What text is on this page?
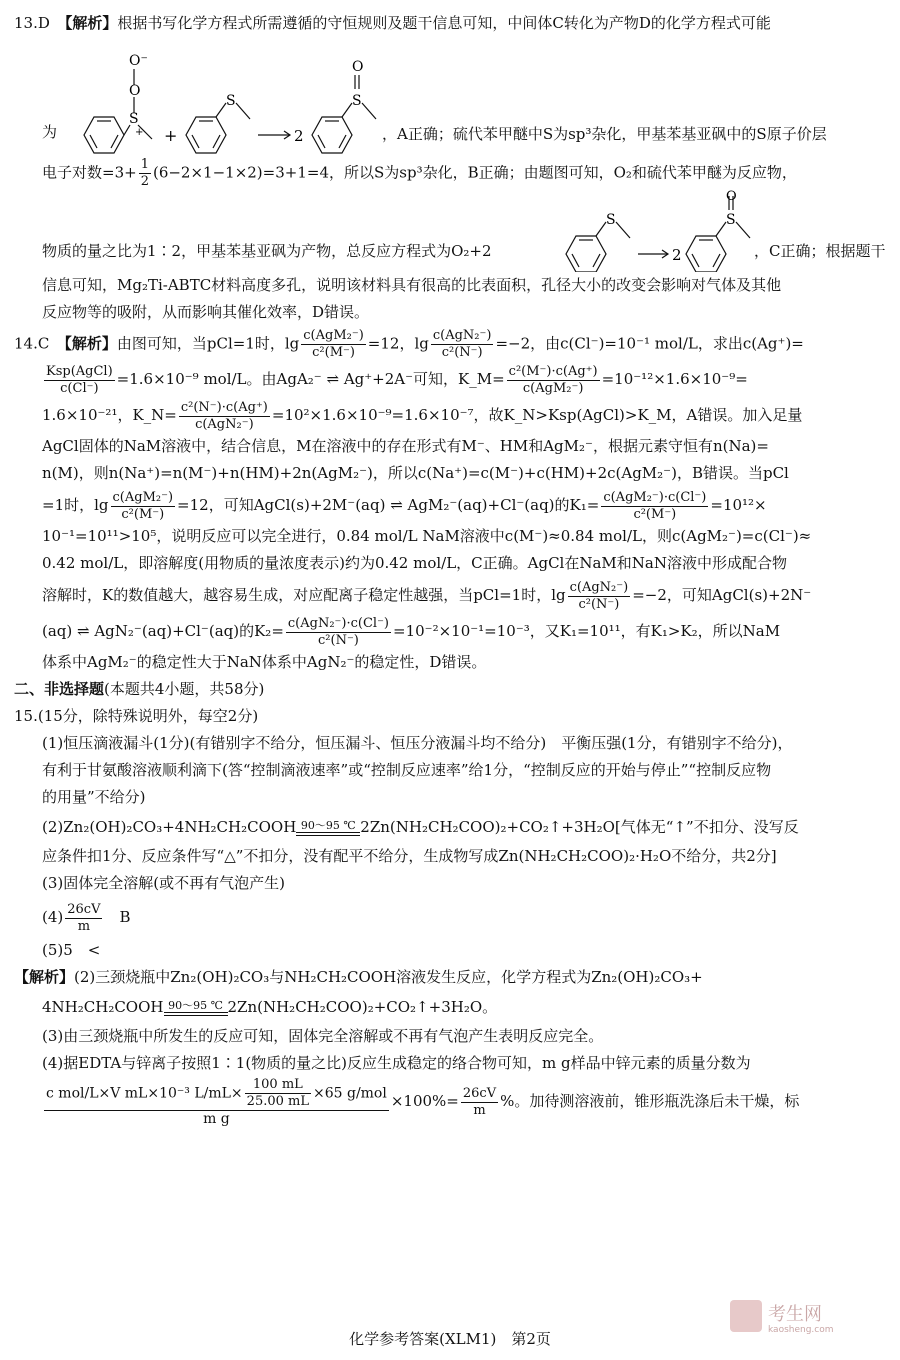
13.D　 【解析】根据书写化学方程式所需遵循的守恒规则及题干信息可知，中间体C转化为产物D的化学方程式可能

为
S
+
O
O⁻
+
S
2
S
O
，A正确；硫代苯甲醚中S为sp³杂化，甲基苯基亚砜中的S原子价层

电子对数$=3+ \frac{1}{2} (6-2\times 1-1\times 2)=3+1=4$，所以S为sp³杂化，B正确；由题图可知，O₂和硫代苯甲醚为反应物，

物质的量之比为1∶2，甲基苯基亚砜为产物，总反应方程式为O₂+2
S
2
S
O
，C正确；根据题干

信息可知，Mg₂Ti-ABTC材料高度多孔，说明该材料具有很高的比表面积，孔径大小的改变会影响对气体及其他

反应物等的吸附，从而影响其催化效率，D错误。

14.C　 【解析】由图可知，当pCl=1时，$\lg \frac{\text{c(AgM₂⁻)}}{\text{c²(M⁻)}} =12$，$\lg \frac{\text{c(AgN₂⁻)}}{\text{c²(N⁻)}} =-2$，由c(Cl⁻)=10⁻¹ mol/L，求出c(Ag⁺)=

$\frac{\text{Ksp(AgCl)}}{c(Cl^-)} =1.6\times 10^{-9}$ mol/L。由AgA₂⁻ ⇌ Ag⁺+2A⁻可知，K_M= $\frac{\text{c²(M⁻)·c(Ag⁺)}}{\text{c(AgM₂⁻)}} =10^{-12}\times 1.6\times 10^{-9}=$

1.6×10⁻²¹，K_N= $\frac{\text{c²(N⁻)·c(Ag⁺)}}{\text{c(AgN₂⁻)}} =10^2\times 1.6\times 10^{-9}=1.6\times 10^{-7}$，故K_N>Ksp(AgCl)>K_M，A错误。加入足量

AgCl固体的NaM溶液中，结合信息，M在溶液中的存在形式有M⁻、HM和AgM₂⁻，根据元素守恒有n(Na)=

n(M)，则n(Na⁺)=n(M⁻)+n(HM)+2n(AgM₂⁻)，所以c(Na⁺)=c(M⁻)+c(HM)+2c(AgM₂⁻)，B错误。当pCl

=1时，$\lg \frac{\text{c(AgM₂⁻)}}{\text{c²(M⁻)}} =12$，可知AgCl(s)+2M⁻(aq) ⇌ AgM₂⁻(aq)+Cl⁻(aq)的$K_1= \frac{\text{c(AgM₂⁻)·c(Cl⁻)}}{\text{c²(M⁻)}} =10^{12}\times$

10⁻¹=10¹¹>10⁵，说明反应可以完全进行，0.84 mol/L NaM溶液中c(M⁻)≈0.84 mol/L，则c(AgM₂⁻)=c(Cl⁻)≈

0.42 mol/L，即溶解度(用物质的量浓度表示)约为0.42 mol/L，C正确。AgCl在NaM和NaN溶液中形成配合物

溶解时，K的数值越大，越容易生成，对应配离子稳定性越强，当pCl=1时，$\lg \frac{\text{c(AgN₂⁻)}}{\text{c²(N⁻)}} =-2$，可知AgCl(s)+2N⁻

(aq) ⇌ AgN₂⁻(aq)+Cl⁻(aq)的$K_2= \frac{\text{c(AgN₂⁻)·c(Cl⁻)}}{\text{c²(N⁻)}} =10^{-2}\times 10^{-1}=10^{-3}$，又K₁=10¹¹，有K₁>K₂，所以NaM

体系中AgM₂⁻的稳定性大于NaN体系中AgN₂⁻的稳定性，D错误。

二、非选择题(本题共4小题，共58分)

15.(15分，除特殊说明外，每空2分)

(1)恒压滴液漏斗(1分)(有错别字不给分，恒压漏斗、恒压分液漏斗均不给分)　平衡压强(1分，有错别字不给分)，

有利于甘氨酸溶液顺利滴下(答“控制滴液速率”或“控制反应速率”给1分，“控制反应的开始与停止”“控制反应物

的用量”不给分)

(2)Zn₂(OH)₂CO₃+4NH₂CH₂COOH 90～95 ℃ 2Zn(NH₂CH₂COO)₂+CO₂↑+3H₂O[气体无“↑”不扣分、没写反

应条件扣1分、反应条件写“△”不扣分，没有配平不给分，生成物写成Zn(NH₂CH₂COO)₂·H₂O不给分，共2分]

(3)固体完全溶解(或不再有气泡产生)

$(4) \frac{26cV}{m}$
　 B

(5)5　<

【解析】(2)三颈烧瓶中Zn₂(OH)₂CO₃与NH₂CH₂COOH溶液发生反应，化学方程式为Zn₂(OH)₂CO₃+

4NH₂CH₂COOH 90～95 ℃ 2Zn(NH₂CH₂COO)₂+CO₂↑+3H₂O。

(3)由三颈烧瓶中所发生的反应可知，固体完全溶解或不再有气泡产生表明反应完全。

(4)据EDTA与锌离子按照1∶1(物质的量之比)反应生成稳定的络合物可知，m g样品中锌元素的质量分数为

$\frac{c mol/L\times V mL\times 10^{-3} L/mL\times \frac{100 mL}{25.00 mL} \times 65 g/mol}{\text{m g}} \times 100\%= \frac{26cV}{m}$ %。加待测溶液前，锥形瓶洗涤后未干燥，标

化学参考答案(XLM1)　第2页
考生网
kaosheng.com
